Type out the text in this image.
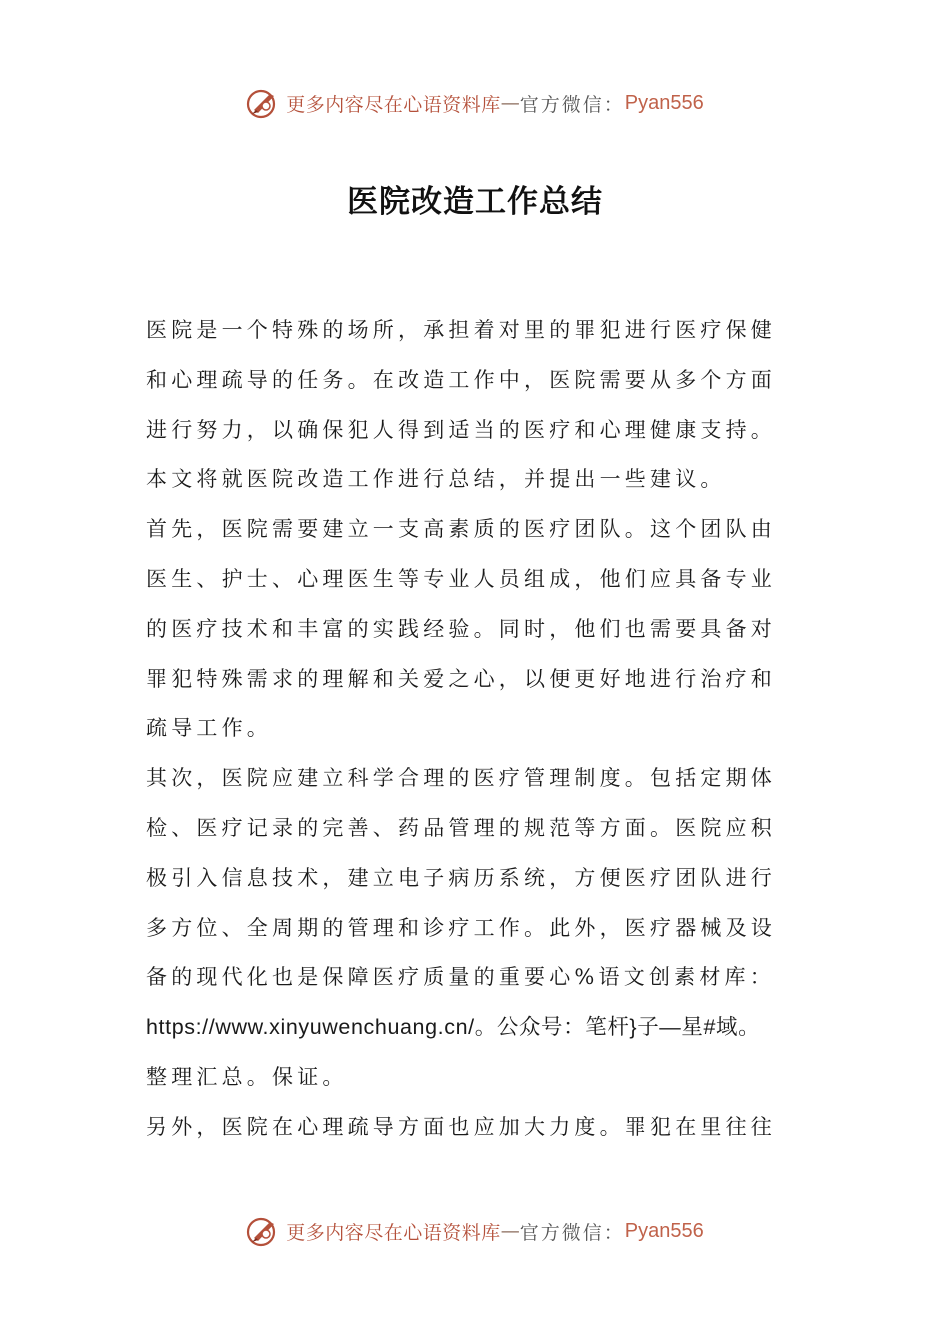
更多内容尽在心语资料库 — 官方微信： Pyan556
医院改造工作总结
医院是一个特殊的场所，承担着对里的罪犯进行医疗保健
和心理疏导的任务。在改造工作中，医院需要从多个方面
进行努力，以确保犯人得到适当的医疗和心理健康支持。
本文将就医院改造工作进行总结，并提出一些建议。
首先，医院需要建立一支高素质的医疗团队。这个团队由
医生、护士、心理医生等专业人员组成，他们应具备专业
的医疗技术和丰富的实践经验。同时，他们也需要具备对
罪犯特殊需求的理解和关爱之心，以便更好地进行治疗和
疏导工作。
其次，医院应建立科学合理的医疗管理制度。包括定期体
检、医疗记录的完善、药品管理的规范等方面。医院应积
极引入信息技术，建立电子病历系统，方便医疗团队进行
多方位、全周期的管理和诊疗工作。此外，医疗器械及设
备的现代化也是保障医疗质量的重要心%语文创素材库：
https://www.xinyuwenchuang.cn/。公众号：笔杆}子—星#域。
整理汇总。保证。
另外，医院在心理疏导方面也应加大力度。罪犯在里往往
更多内容尽在心语资料库 — 官方微信： Pyan556
